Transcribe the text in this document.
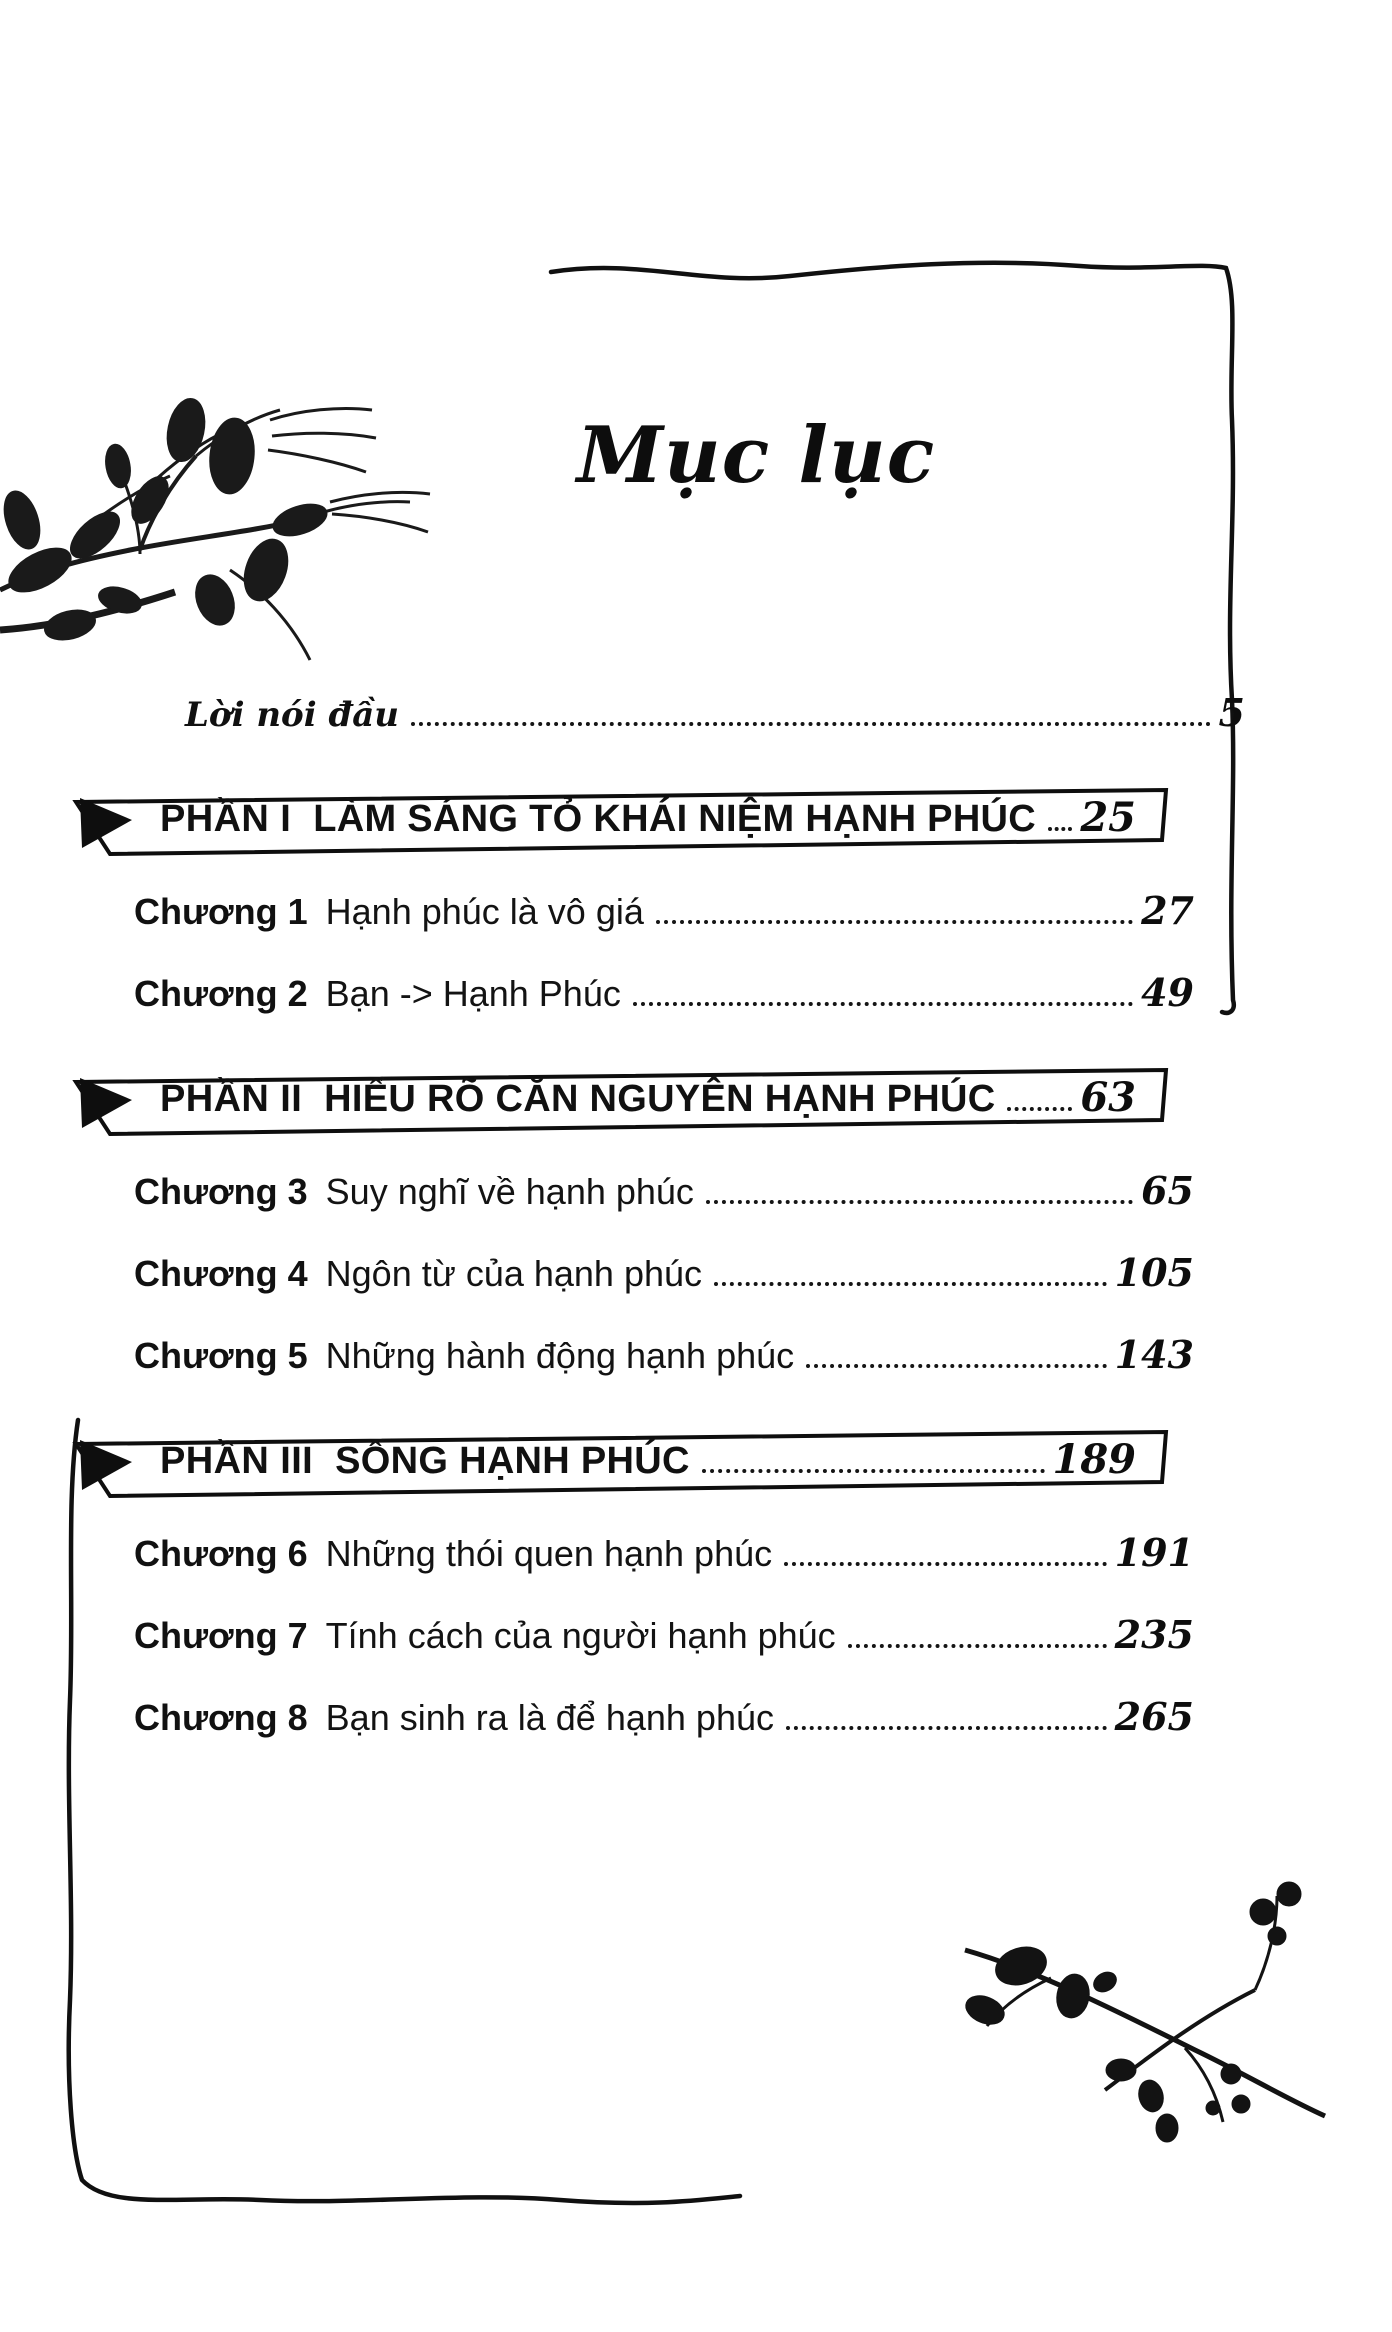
Mục lục
Lời nói đầu	5
PHẦN I LÀM SÁNG TỎ KHÁI NIỆM HẠNH PHÚC 25
Chương 1 Hạnh phúc là vô giá	27
Chương 2 Bạn -> Hạnh Phúc	49
PHẦN II HIỂU RÕ CĂN NGUYÊN HẠNH PHÚC 63
Chương 3 Suy nghĩ về hạnh phúc	65
Chương 4 Ngôn từ của hạnh phúc	105
Chương 5 Những hành động hạnh phúc	143
PHẦN III SỐNG HẠNH PHÚC	189
Chương 6 Những thói quen hạnh phúc	191
Chương 7 Tính cách của người hạnh phúc	235
Chương 8 Bạn sinh ra là để hạnh phúc	265
